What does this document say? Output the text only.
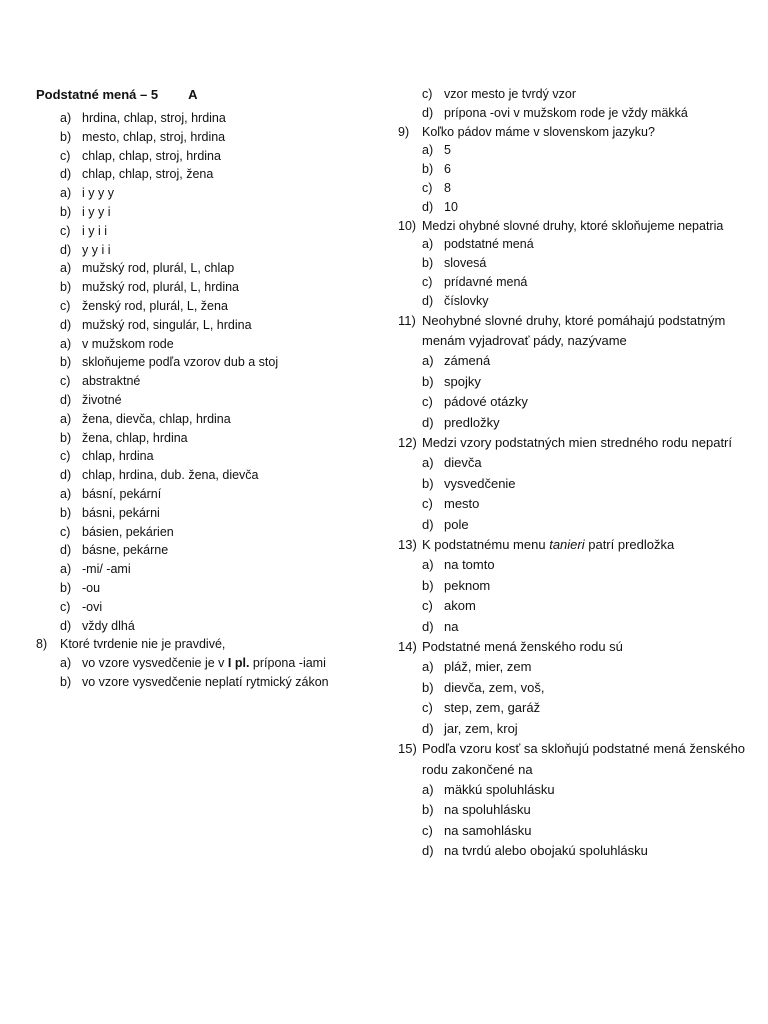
Podstatné mená – 5 A
a) hrdina, chlap, stroj, hrdina
b) mesto, chlap, stroj, hrdina
c) chlap, chlap, stroj, hrdina
d) chlap, chlap, stroj, žena
a) i y y y
b) i y y i
c) i y i i
d) y y i i
a) mužský rod, plurál, L, chlap
b) mužský rod, plurál, L, hrdina
c) ženský rod, plurál, L, žena
d) mužský rod, singulár, L, hrdina
a) v mužskom rode
b) skloňujeme podľa vzorov dub a stoj
c) abstraktné
d) životné
a) žena, dievča, chlap, hrdina
b) žena, chlap, hrdina
c) chlap, hrdina
d) chlap, hrdina, dub. žena, dievča
a) básní, pekární
b) básni, pekárni
c) básien, pekárien
d) básne, pekárne
a) -mi/ -ami
b) -ou
c) -ovi
d) vždy dlhá
8)	Ktoré tvrdenie nie je pravdivé,
a) vo vzore vysvedčenie je v I pl. prípona -iami
b) vo vzore vysvedčenie neplatí rytmický zákon
c) vzor mesto je tvrdý vzor
d) prípona -ovi v mužskom rode je vždy mäkká
9)	Koľko pádov máme v slovenskom jazyku?
a) 5
b) 6
c) 8
d) 10
10) Medzi ohybné slovné druhy, ktoré skloňujeme nepatria
a) podstatné mená
b) slovesá
c) prídavné mená
d) číslovky
11) Neohybné slovné druhy, ktoré pomáhajú podstatným menám vyjadrovať pády, nazývame
a) zámená
b) spojky
c) pádové otázky
d) predložky
12) Medzi vzory podstatných mien stredného rodu nepatrí
a) dievča
b) vysvedčenie
c) mesto
d) pole
13) K podstatnému menu tanieri patrí predložka
a) na tomto
b) peknom
c) akom
d) na
14) Podstatné mená ženského rodu sú
a) pláž, mier, zem
b) dievča, zem, voš,
c) step, zem, garáž
d) jar, zem, kroj
15) Podľa vzoru kosť sa skloňujú podstatné mená ženského rodu zakončené na
a) mäkkú spoluhlásku
b) na spoluhlásku
c) na samohlásku
d) na tvrdú alebo obojakú spoluhlásku
